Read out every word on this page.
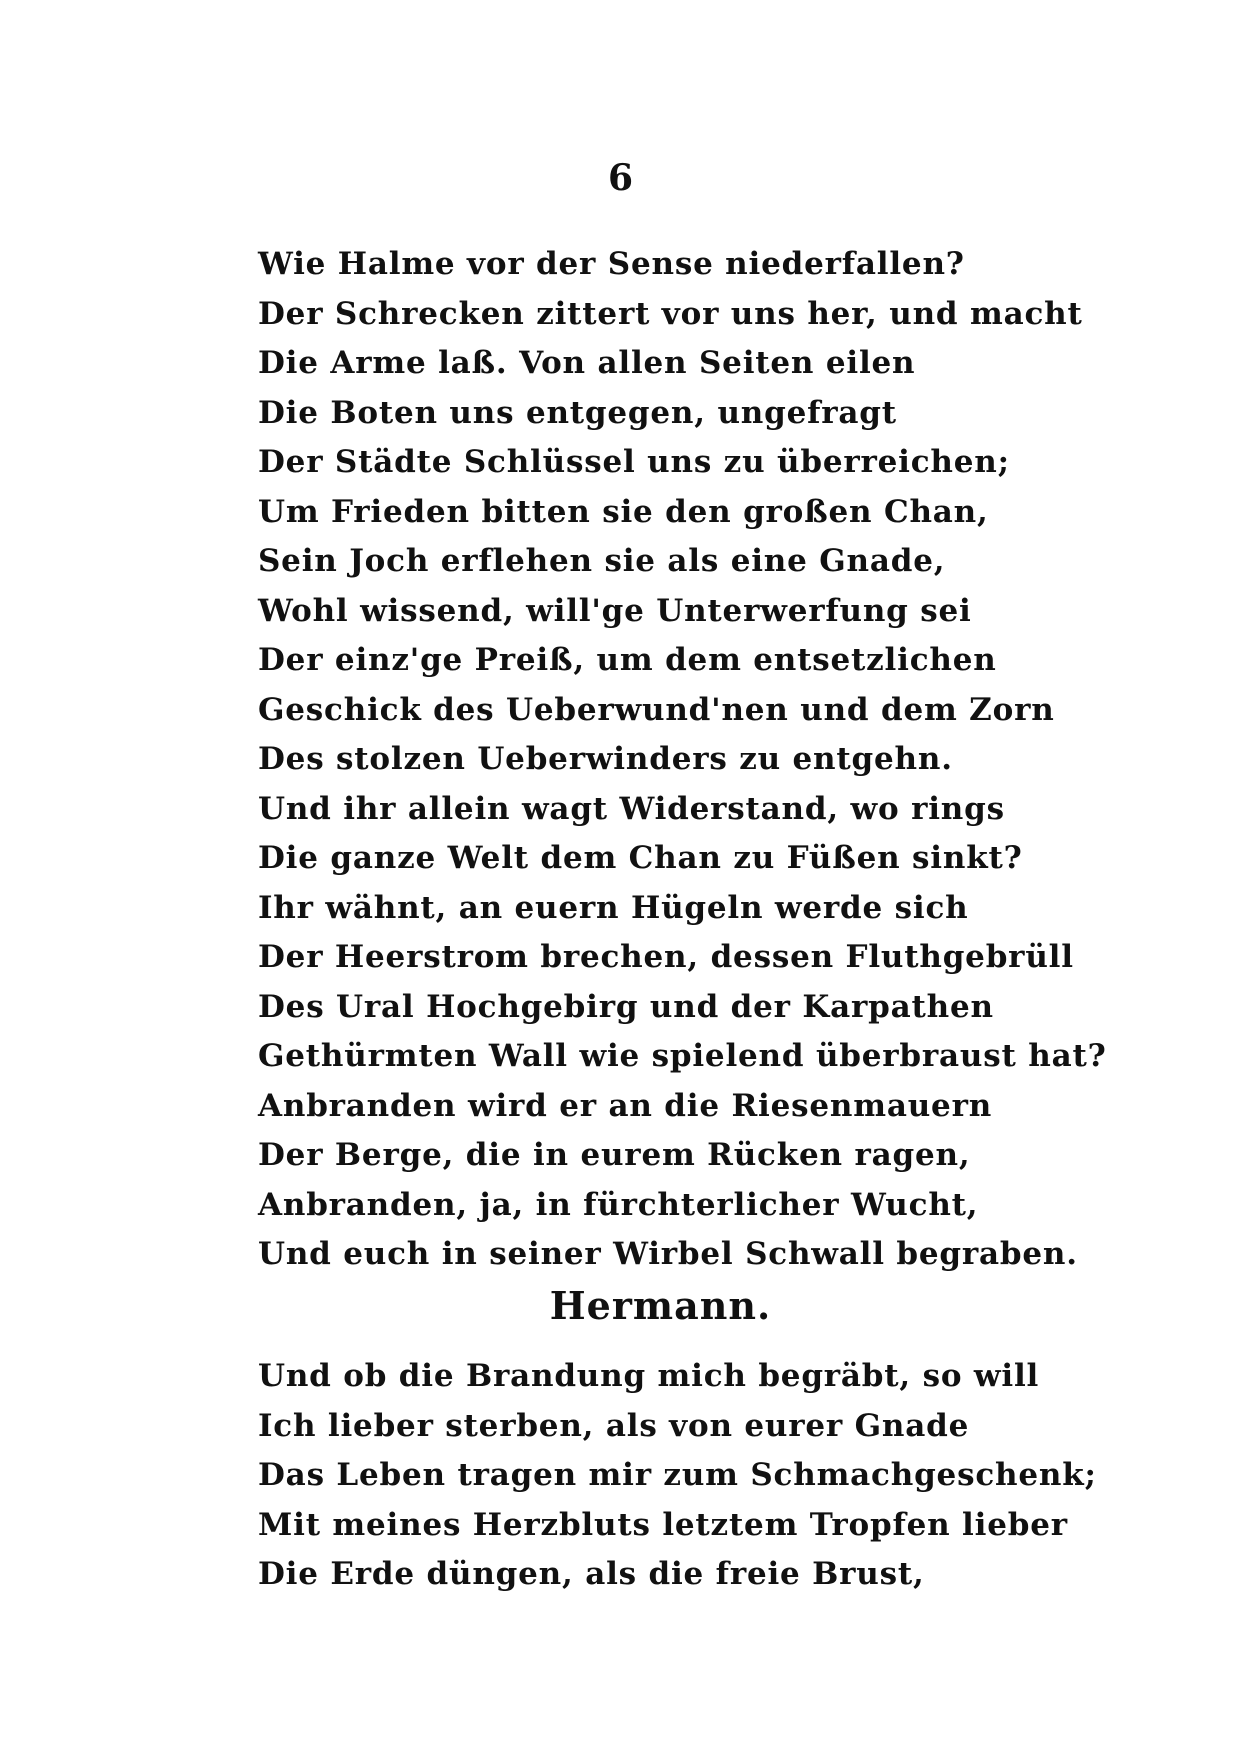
6
Wie Halme vor der Sense niederfallen?
Der Schrecken zittert vor uns her, und macht
Die Arme laß. Von allen Seiten eilen
Die Boten uns entgegen, ungefragt
Der Städte Schlüssel uns zu überreichen;
Um Frieden bitten sie den großen Chan,
Sein Joch erflehen sie als eine Gnade,
Wohl wissend, will'ge Unterwerfung sei
Der einz'ge Preiß, um dem entsetzlichen
Geschick des Ueberwund'nen und dem Zorn
Des stolzen Ueberwinders zu entgehn.
Und ihr allein wagt Widerstand, wo rings
Die ganze Welt dem Chan zu Füßen sinkt?
Ihr wähnt, an euern Hügeln werde sich
Der Heerstrom brechen, dessen Fluthgebrüll
Des Ural Hochgebirg und der Karpathen
Gethürmten Wall wie spielend überbraust hat?
Anbranden wird er an die Riesenmauern
Der Berge, die in eurem Rücken ragen,
Anbranden, ja, in fürchterlicher Wucht,
Und euch in seiner Wirbel Schwall begraben.
Hermann.
Und ob die Brandung mich begräbt, so will
Ich lieber sterben, als von eurer Gnade
Das Leben tragen mir zum Schmachgeschenk;
Mit meines Herzbluts letztem Tropfen lieber
Die Erde düngen, als die freie Brust,
